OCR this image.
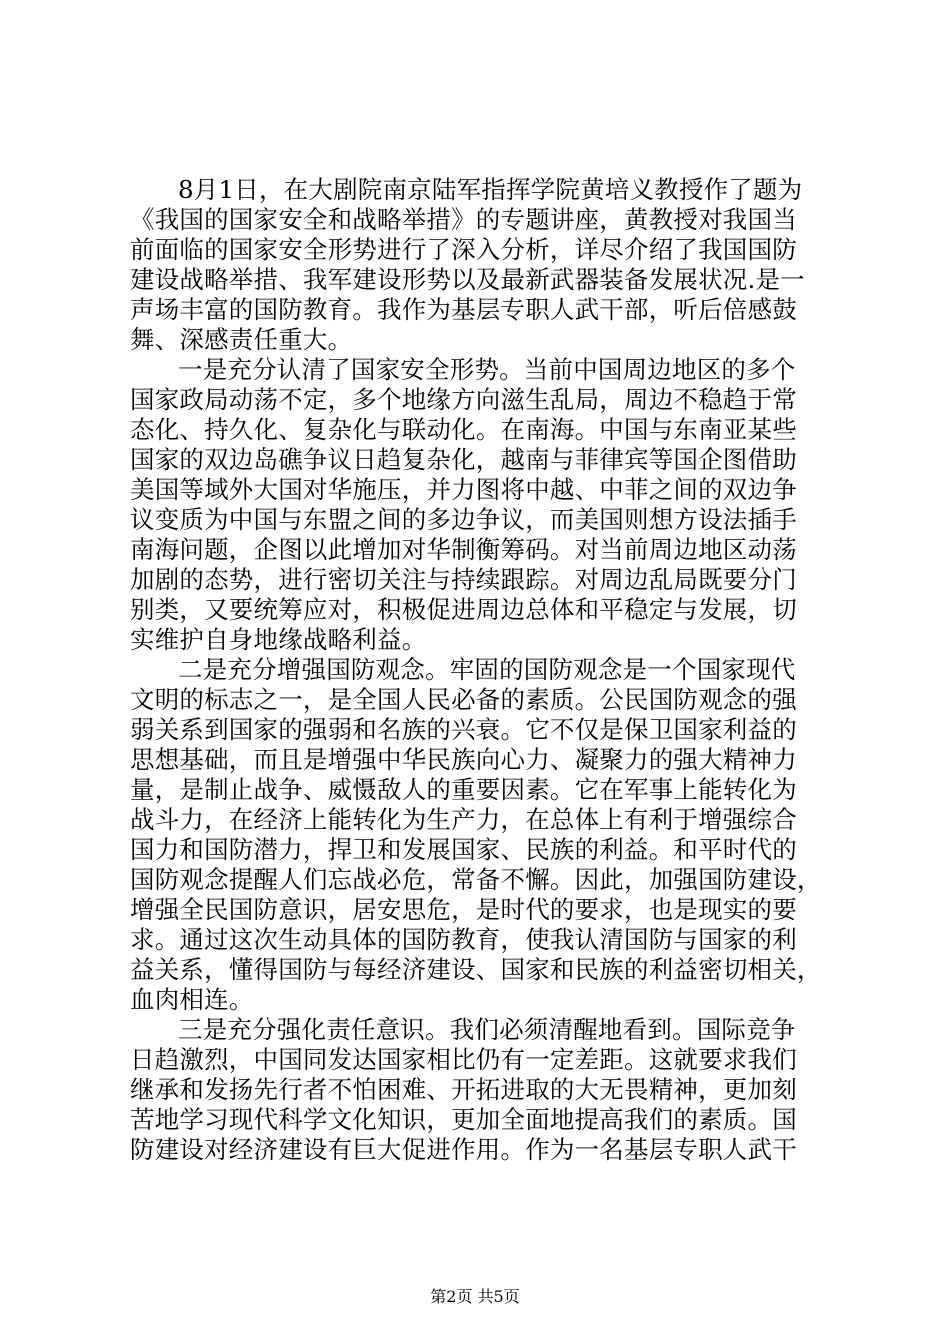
8月1日，在大剧院南京陆军指挥学院黄培义教授作了题为
《我国的国家安全和战略举措》的专题讲座，黄教授对我国当
前面临的国家安全形势进行了深入分析，详尽介绍了我国国防
建设战略举措、我军建设形势以及最新武器装备发展状况.是一
声场丰富的国防教育。我作为基层专职人武干部，听后倍感鼓
舞、深感责任重大。
一是充分认清了国家安全形势。当前中国周边地区的多个
国家政局动荡不定，多个地缘方向滋生乱局，周边不稳趋于常
态化、持久化、复杂化与联动化。在南海。中国与东南亚某些
国家的双边岛礁争议日趋复杂化，越南与菲律宾等国企图借助
美国等域外大国对华施压，并力图将中越、中菲之间的双边争
议变质为中国与东盟之间的多边争议，而美国则想方设法插手
南海问题，企图以此增加对华制衡筹码。对当前周边地区动荡
加剧的态势，进行密切关注与持续跟踪。对周边乱局既要分门
别类，又要统筹应对，积极促进周边总体和平稳定与发展，切
实维护自身地缘战略利益。
二是充分增强国防观念。牢固的国防观念是一个国家现代
文明的标志之一，是全国人民必备的素质。公民国防观念的强
弱关系到国家的强弱和名族的兴衰。它不仅是保卫国家利益的
思想基础，而且是增强中华民族向心力、凝聚力的强大精神力
量，是制止战争、威慑敌人的重要因素。它在军事上能转化为
战斗力，在经济上能转化为生产力，在总体上有利于增强综合
国力和国防潜力，捍卫和发展国家、民族的利益。和平时代的
国防观念提醒人们忘战必危，常备不懈。因此，加强国防建设，
增强全民国防意识，居安思危，是时代的要求，也是现实的要
求。通过这次生动具体的国防教育，使我认清国防与国家的利
益关系，懂得国防与每经济建设、国家和民族的利益密切相关，
血肉相连。
三是充分强化责任意识。我们必须清醒地看到。国际竞争
日趋激烈，中国同发达国家相比仍有一定差距。这就要求我们
继承和发扬先行者不怕困难、开拓进取的大无畏精神，更加刻
苦地学习现代科学文化知识，更加全面地提高我们的素质。国
防建设对经济建设有巨大促进作用。作为一名基层专职人武干
第2页 共5页
